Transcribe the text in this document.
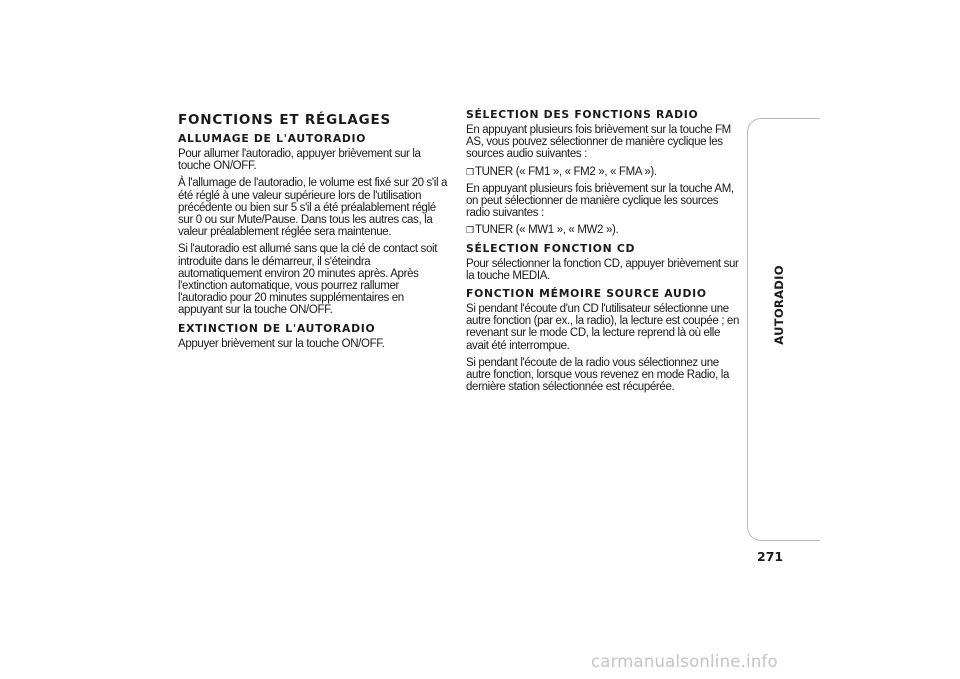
FONCTIONS ET RÉGLAGES
ALLUMAGE DE L'AUTORADIO

Pour allumer l'autoradio, appuyer brièvement sur la touche ON/OFF.

À l'allumage de l'autoradio, le volume est fixé sur 20 s'il a été réglé à une valeur supérieure lors de l'utilisation précédente ou bien sur 5 s'il a été préalablement réglé sur 0 ou sur Mute/Pause. Dans tous les autres cas, la valeur préalablement réglée sera maintenue.

Si l'autoradio est allumé sans que la clé de contact soit introduite dans le démarreur, il s'éteindra automatiquement environ 20 minutes après. Après l'extinction automatique, vous pourrez rallumer l'autoradio pour 20 minutes supplémentaires en appuyant sur la touche ON/OFF.

EXTINCTION DE L'AUTORADIO

Appuyer brièvement sur la touche ON/OFF.

SÉLECTION DES FONCTIONS RADIO

En appuyant plusieurs fois brièvement sur la touche FM AS, vous pouvez sélectionner de manière cyclique les sources audio suivantes :

❒TUNER (« FM1 », « FM2 », « FMA »).

En appuyant plusieurs fois brièvement sur la touche AM, on peut sélectionner de manière cyclique les sources radio suivantes :

❒TUNER (« MW1 », « MW2 »).

SÉLECTION FONCTION CD

Pour sélectionner la fonction CD, appuyer brièvement sur la touche MEDIA.

FONCTION MÉMOIRE SOURCE AUDIO

Si pendant l'écoute d'un CD l'utilisateur sélectionne une autre fonction (par ex., la radio), la lecture est coupée ; en revenant sur le mode CD, la lecture reprend là où elle avait été interrompue.

Si pendant l'écoute de la radio vous sélectionnez une autre fonction, lorsque vous revenez en mode Radio, la dernière station sélectionnée est récupérée.

AUTORADIO
271
carmanualsonline.info
